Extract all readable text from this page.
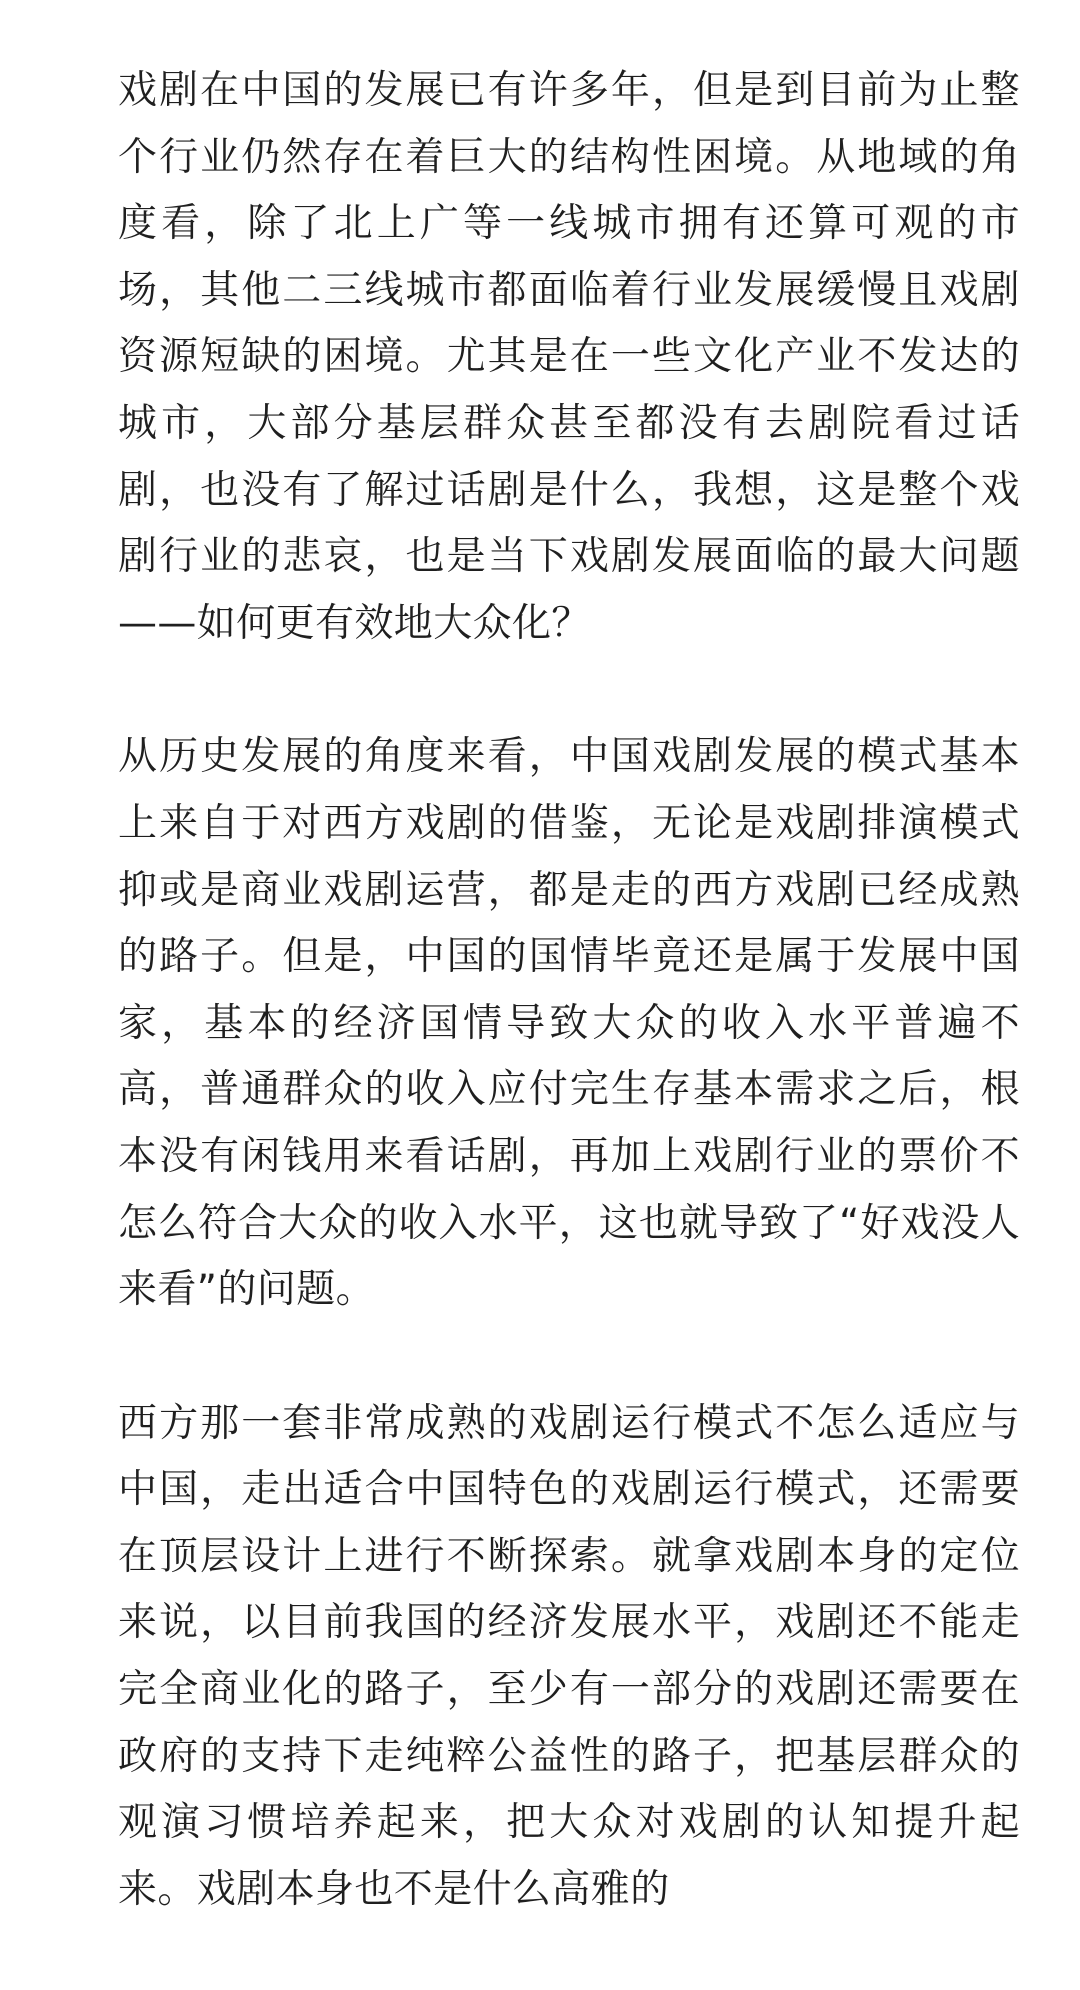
戏剧在中国的发展已有许多年，但是到目前为止整个行业仍然存在着巨大的结构性困境。从地域的角度看，除了北上广等一线城市拥有还算可观的市场，其他二三线城市都面临着行业发展缓慢且戏剧资源短缺的困境。尤其是在一些文化产业不发达的城市，大部分基层群众甚至都没有去剧院看过话剧，也没有了解过话剧是什么，我想，这是整个戏剧行业的悲哀，也是当下戏剧发展面临的最大问题——如何更有效地大众化？

从历史发展的角度来看，中国戏剧发展的模式基本上来自于对西方戏剧的借鉴，无论是戏剧排演模式抑或是商业戏剧运营，都是走的西方戏剧已经成熟的路子。但是，中国的国情毕竟还是属于发展中国家，基本的经济国情导致大众的收入水平普遍不高，普通群众的收入应付完生存基本需求之后，根本没有闲钱用来看话剧，再加上戏剧行业的票价不怎么符合大众的收入水平，这也就导致了“好戏没人来看”的问题。

西方那一套非常成熟的戏剧运行模式不怎么适应与中国，走出适合中国特色的戏剧运行模式，还需要在顶层设计上进行不断探索。就拿戏剧本身的定位来说，以目前我国的经济发展水平，戏剧还不能走完全商业化的路子，至少有一部分的戏剧还需要在政府的支持下走纯粹公益性的路子，把基层群众的观演习惯培养起来，把大众对戏剧的认知提升起来。戏剧本身也不是什么高雅的
